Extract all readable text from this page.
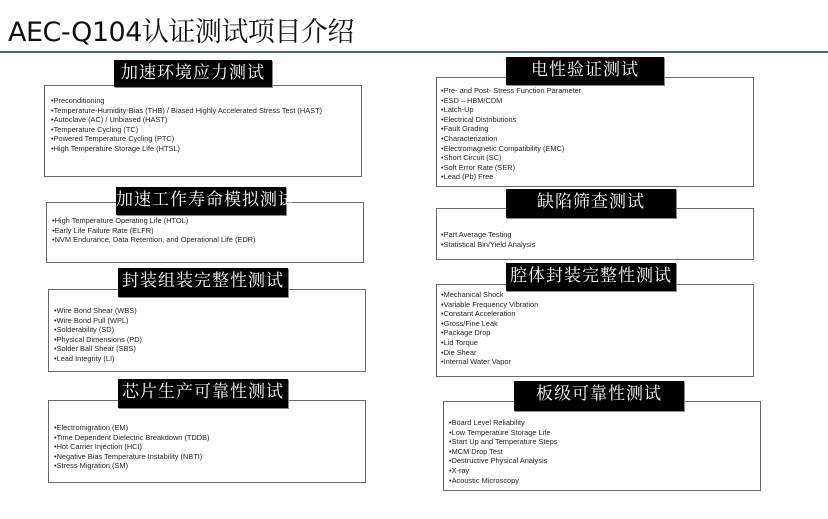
AEC-Q104认证测试项目介绍
加速环境应力测试
•Preconditioning
•Temperature-Humidity-Bias (THB) / Biased Highly Accelerated Stress Test (HAST)
•Autoclave (AC) / Unbiased (HAST)
•Temperature Cycling (TC)
•Powered Temperature Cycling (PTC)
•High Temperature Storage Life (HTSL)
加速工作寿命模拟测试
•High Temperature Operating Life (HTOL)
•Early Life Failure Rate (ELFR)
•NVM Endurance, Data Retention, and Operational Life (EDR)
封装组装完整性测试
•Wire Bond Shear (WBS)
•Wire Bond Pull (WPL)
•Solderability (SD)
•Physical Dimensions (PD)
•Solder Ball Shear (SBS)
•Lead Integrity (LI)
芯片生产可靠性测试
•Electromigration (EM)
•Time Dependent Dielectric Breakdown (TDDB)
•Hot Carrier Injection (HCI)
•Negative Bias Temperature Instability (NBTI)
•Stress Migration (SM)
电性验证测试
•Pre- and Post- Stress Function Parameter
•ESD – HBM/CDM
•Latch-Up
•Electrical Distributions
•Fault Grading
•Characterization
•Electromagnetic Compatibility (EMC)
•Short Circuit (SC)
•Soft Error Rate (SER)
•Lead (Pb) Free
缺陷筛查测试
•Part Average Testing
•Statistical Bin/Yield Analysis
腔体封装完整性测试
•Mechanical Shock
•Variable Frequency Vibration
•Constant Acceleration
•Gross/Fine Leak
•Package Drop
•Lid Torque
•Die Shear
•Internal Water Vapor
板级可靠性测试
•Board Level Reliability
•Low Temperature Storage Life
•Start Up and Temperature Steps
•MCM Drop Test
•Destructive Physical Analysis
•X-ray
•Acoustic Microscopy
